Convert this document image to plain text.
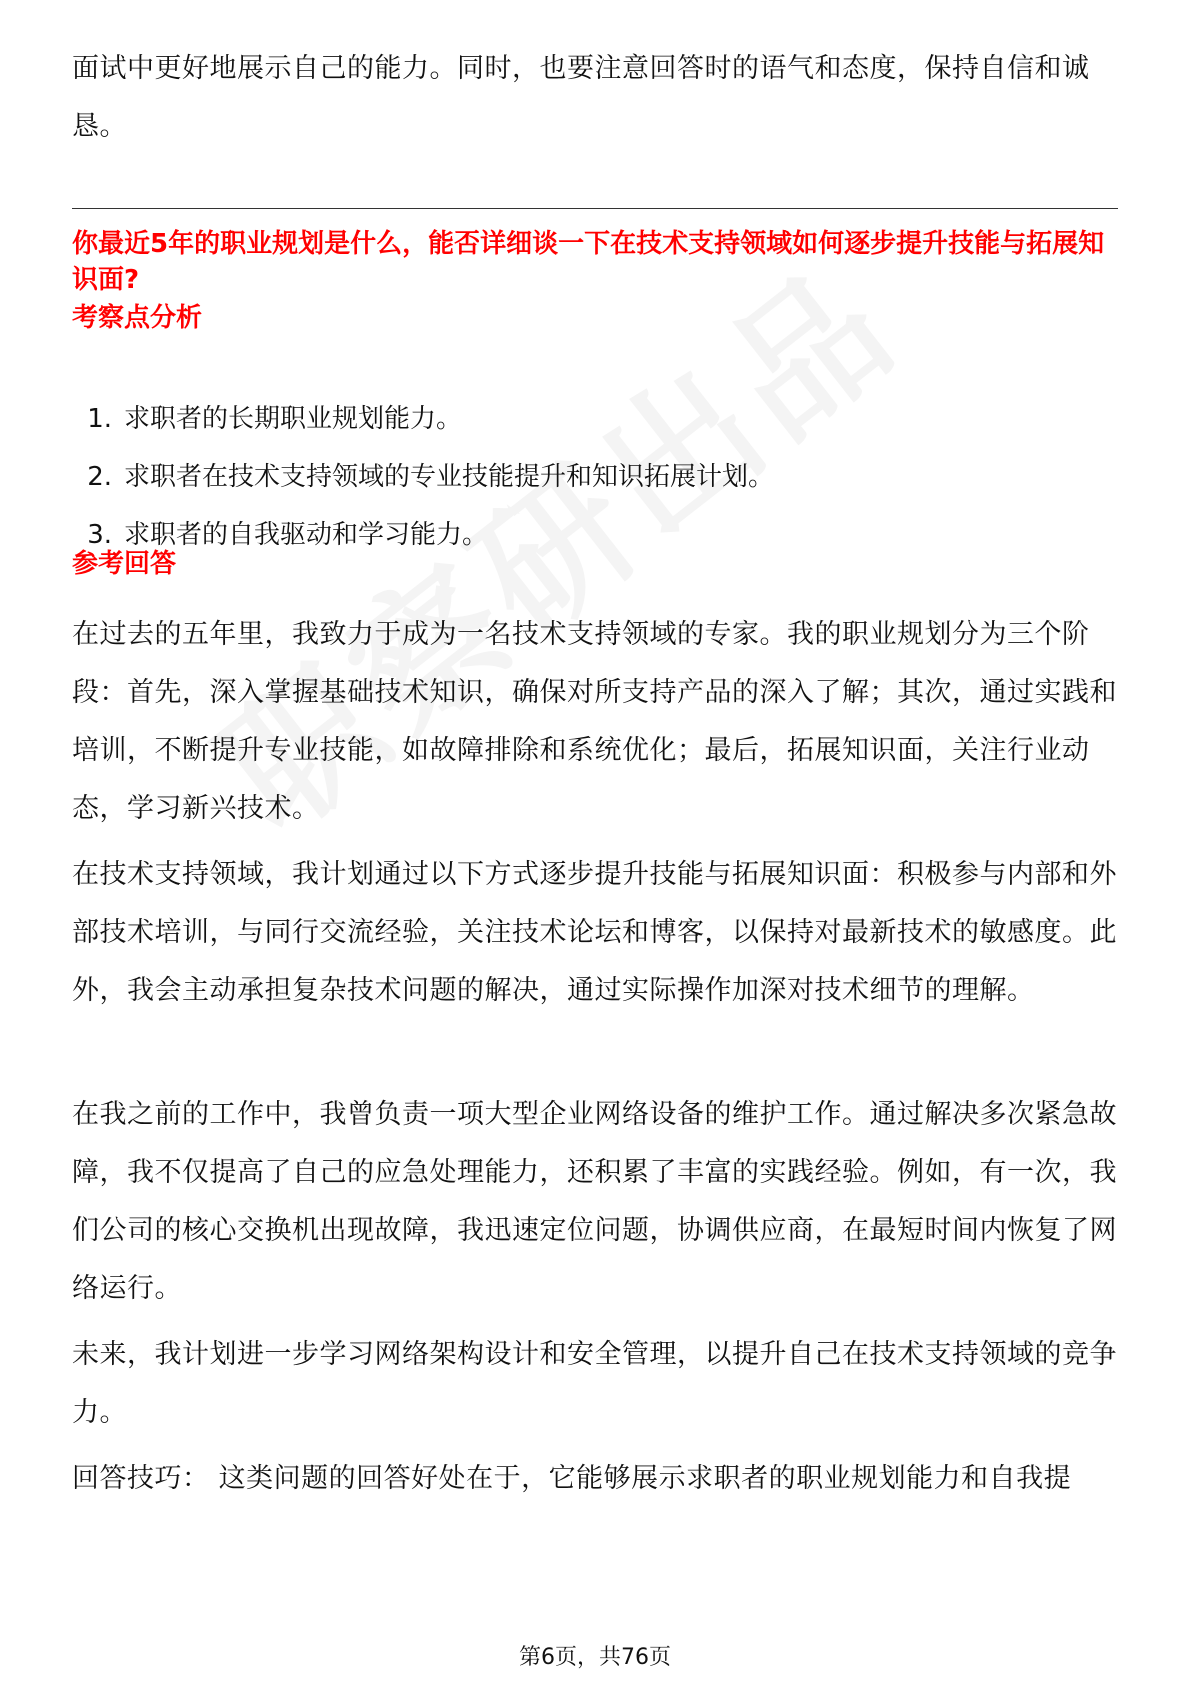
面试中更好地展示自己的能力。同时，也要注意回答时的语气和态度，保持自信和诚恳。

你最近5年的职业规划是什么，能否详细谈一下在技术支持领域如何逐步提升技能与拓展知识面?

考察点分析

1. 求职者的长期职业规划能力。
2. 求职者在技术支持领域的专业技能提升和知识拓展计划。
3. 求职者的自我驱动和学习能力。

参考回答

在过去的五年里，我致力于成为一名技术支持领域的专家。我的职业规划分为三个阶段：首先，深入掌握基础技术知识，确保对所支持产品的深入了解；其次，通过实践和培训，不断提升专业技能，如故障排除和系统优化；最后，拓展知识面，关注行业动态，学习新兴技术。

在技术支持领域，我计划通过以下方式逐步提升技能与拓展知识面：积极参与内部和外部技术培训，与同行交流经验，关注技术论坛和博客，以保持对最新技术的敏感度。此外，我会主动承担复杂技术问题的解决，通过实际操作加深对技术细节的理解。

在我之前的工作中，我曾负责一项大型企业网络设备的维护工作。通过解决多次紧急故障，我不仅提高了自己的应急处理能力，还积累了丰富的实践经验。例如，有一次，我们公司的核心交换机出现故障，我迅速定位问题，协调供应商，在最短时间内恢复了网络运行。

未来，我计划进一步学习网络架构设计和安全管理，以提升自己在技术支持领域的竞争力。

回答技巧： 这类问题的回答好处在于，它能够展示求职者的职业规划能力和自我提

第6页，共76页
